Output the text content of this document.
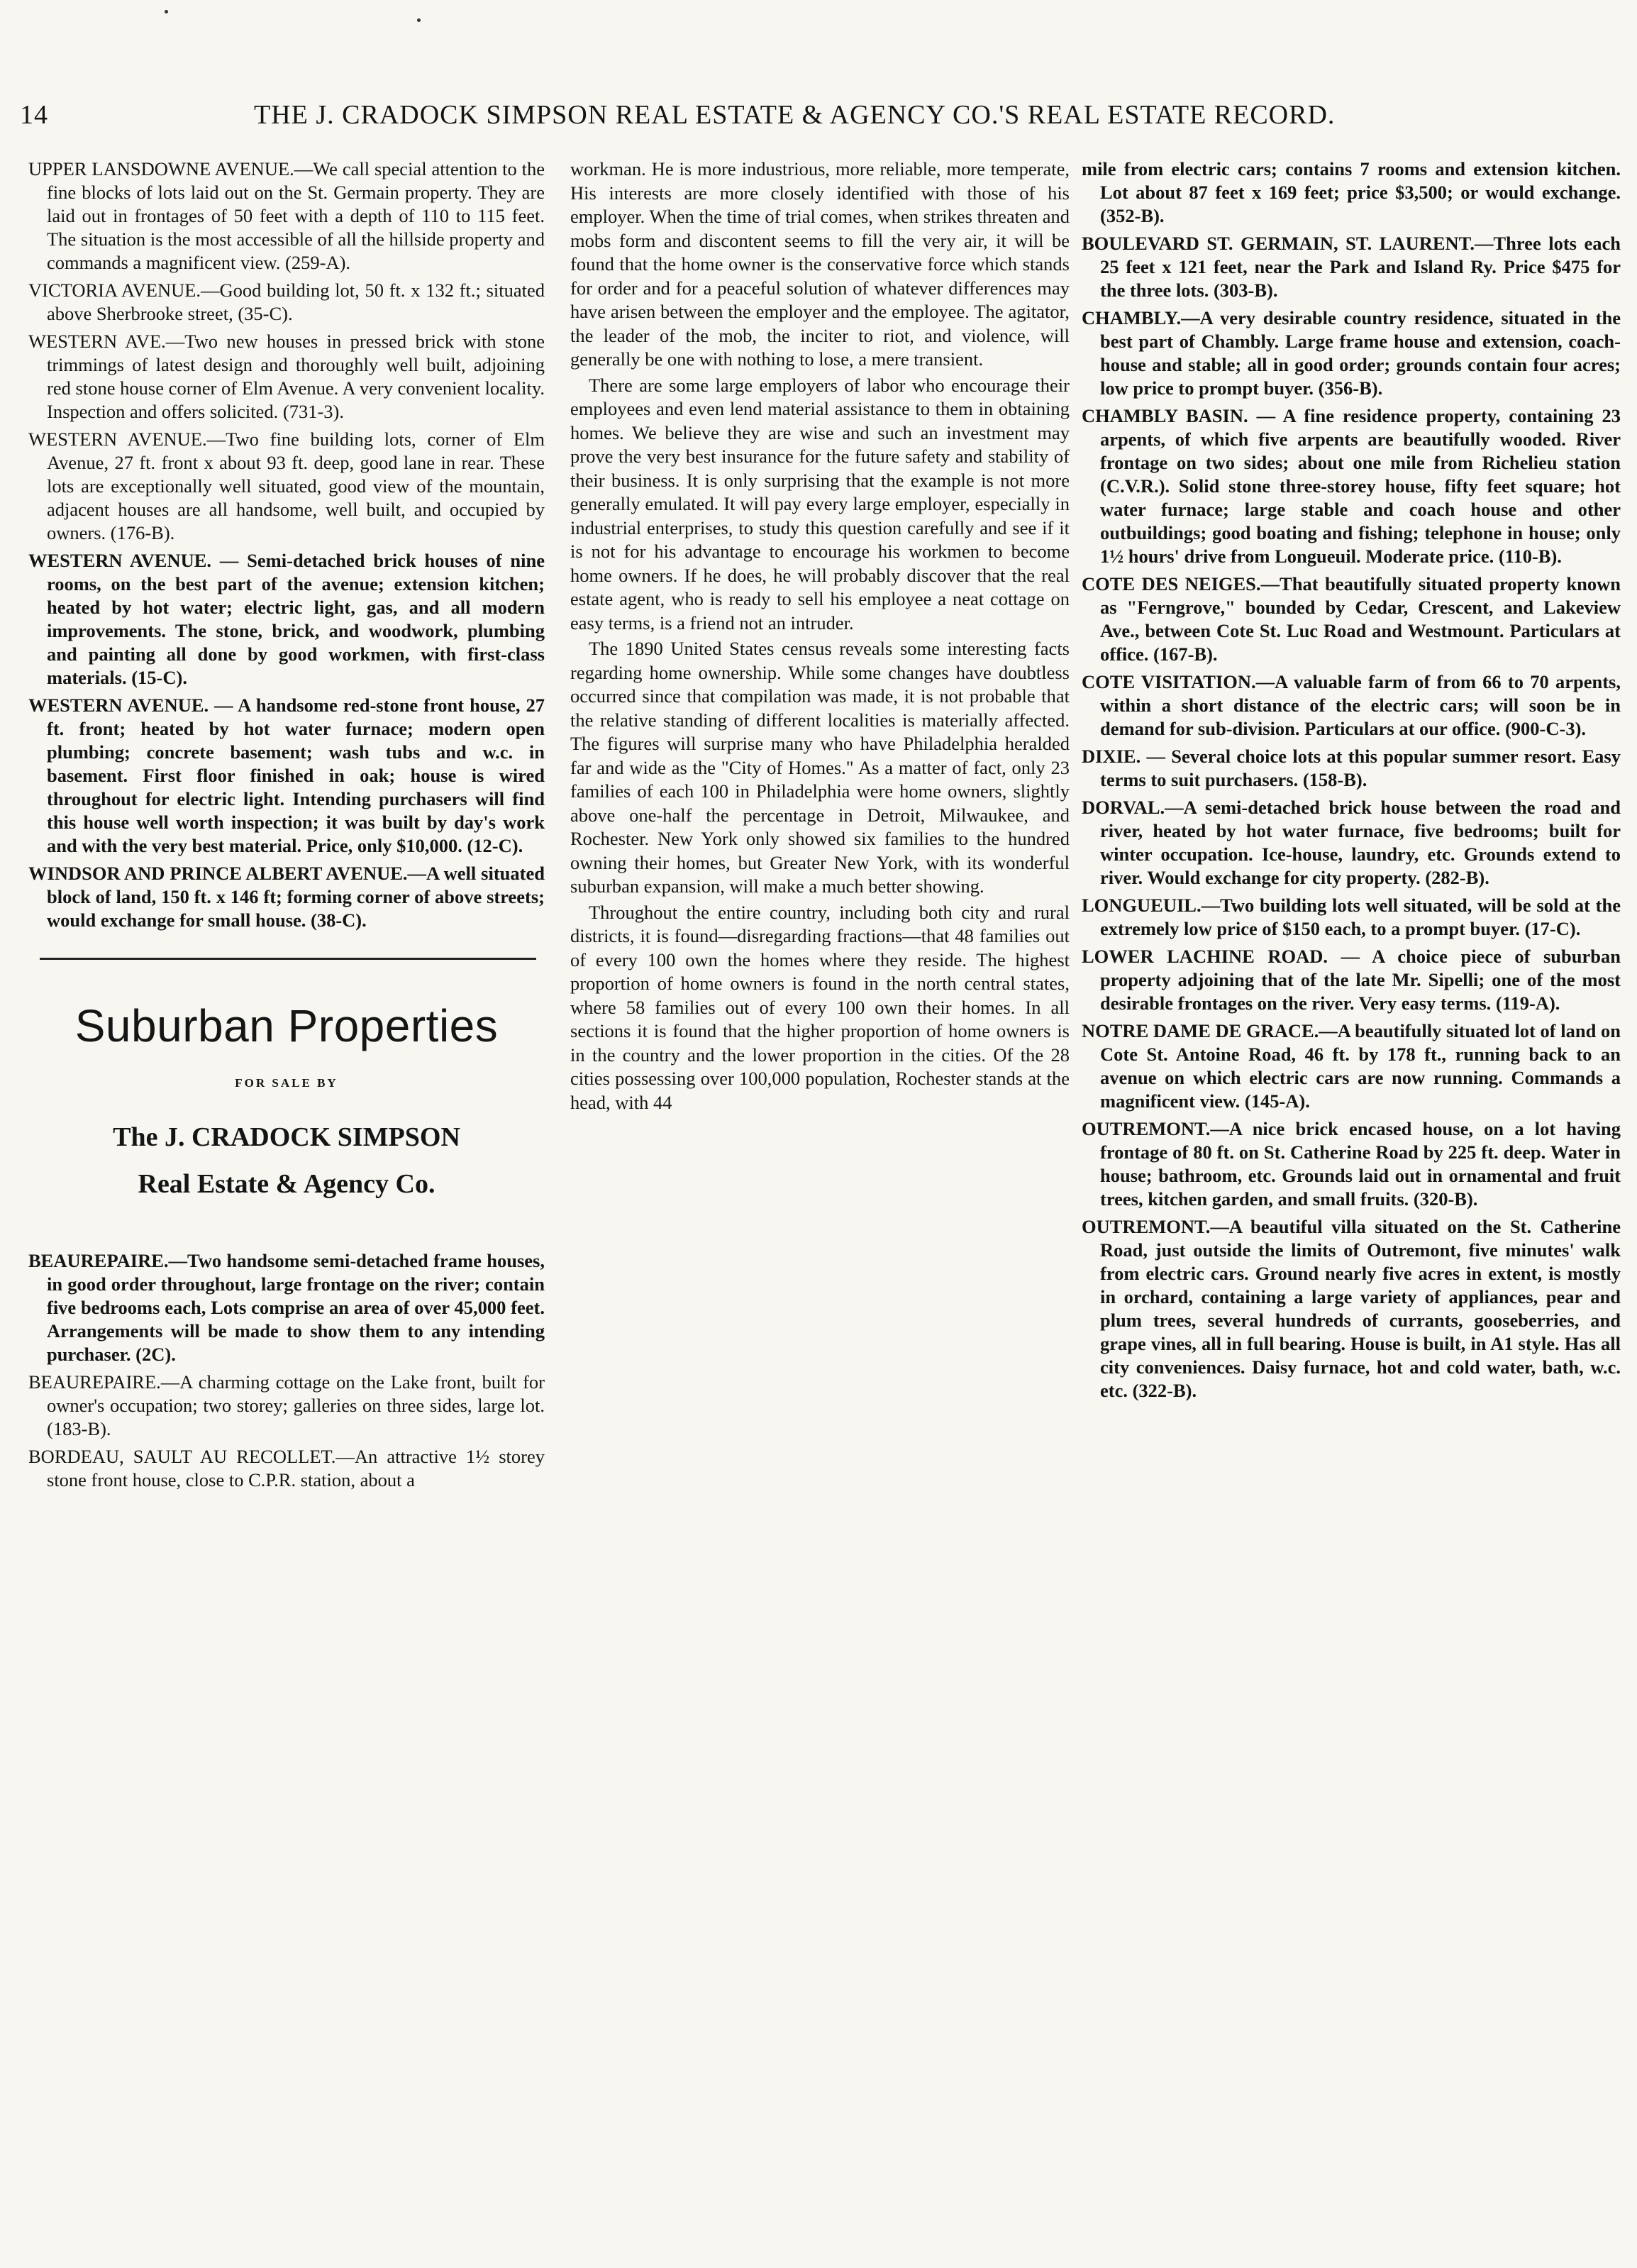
14	THE J. CRADOCK SIMPSON REAL ESTATE & AGENCY CO.'S REAL ESTATE RECORD.

UPPER LANSDOWNE AVENUE.—We call special attention to the fine blocks of lots laid out on the St. Germain property. They are laid out in frontages of 50 feet with a depth of 110 to 115 feet. The situation is the most accessible of all the hillside property and commands a magnificent view. (259-A).

VICTORIA AVENUE.—Good building lot, 50 ft. x 132 ft.; situated above Sherbrooke street, (35-C).

WESTERN AVE.—Two new houses in pressed brick with stone trimmings of latest design and thoroughly well built, adjoining red stone house corner of Elm Avenue. A very convenient locality. Inspection and offers solicited. (731-3).

WESTERN AVENUE.—Two fine building lots, corner of Elm Avenue, 27 ft. front x about 93 ft. deep, good lane in rear. These lots are exceptionally well situated, good view of the mountain, adjacent houses are all handsome, well built, and occupied by owners. (176-B).

WESTERN AVENUE. — Semi-detached brick houses of nine rooms, on the best part of the avenue; extension kitchen; heated by hot water; electric light, gas, and all modern improvements. The stone, brick, and woodwork, plumbing and painting all done by good workmen, with first-class materials. (15-C).

WESTERN AVENUE. — A handsome red-stone front house, 27 ft. front; heated by hot water furnace; modern open plumbing; concrete basement; wash tubs and w.c. in basement. First floor finished in oak; house is wired throughout for electric light. Intending purchasers will find this house well worth inspection; it was built by day's work and with the very best material. Price, only $10,000. (12-C).

WINDSOR AND PRINCE ALBERT AVENUE.—A well situated block of land, 150 ft. x 146 ft; forming corner of above streets; would exchange for small house. (38-C).

Suburban Properties
FOR SALE BY
The J. CRADOCK SIMPSON
Real Estate & Agency Co.

BEAUREPAIRE.—Two handsome semi-detached frame houses, in good order throughout, large frontage on the river; contain five bedrooms each, Lots comprise an area of over 45,000 feet. Arrangements will be made to show them to any intending purchaser. (2C).

BEAUREPAIRE.—A charming cottage on the Lake front, built for owner's occupation; two storey; galleries on three sides, large lot. (183-B).

BORDEAU, SAULT AU RECOLLET.—An attractive 1½ storey stone front house, close to C.P.R. station, about a

workman. He is more industrious, more reliable, more temperate, His interests are more closely identified with those of his employer. When the time of trial comes, when strikes threaten and mobs form and discontent seems to fill the very air, it will be found that the home owner is the conservative force which stands for order and for a peaceful solution of whatever differences may have arisen between the employer and the employee. The agitator, the leader of the mob, the inciter to riot, and violence, will generally be one with nothing to lose, a mere transient.

There are some large employers of labor who encourage their employees and even lend material assistance to them in obtaining homes. We believe they are wise and such an investment may prove the very best insurance for the future safety and stability of their business. It is only surprising that the example is not more generally emulated. It will pay every large employer, especially in industrial enterprises, to study this question carefully and see if it is not for his advantage to encourage his workmen to become home owners. If he does, he will probably discover that the real estate agent, who is ready to sell his employee a neat cottage on easy terms, is a friend not an intruder.

The 1890 United States census reveals some interesting facts regarding home ownership. While some changes have doubtless occurred since that compilation was made, it is not probable that the relative standing of different localities is materially affected. The figures will surprise many who have Philadelphia heralded far and wide as the "City of Homes." As a matter of fact, only 23 families of each 100 in Philadelphia were home owners, slightly above one-half the percentage in Detroit, Milwaukee, and Rochester. New York only showed six families to the hundred owning their homes, but Greater New York, with its wonderful suburban expansion, will make a much better showing.

Throughout the entire country, including both city and rural districts, it is found—disregarding fractions—that 48 families out of every 100 own the homes where they reside. The highest proportion of home owners is found in the north central states, where 58 families out of every 100 own their homes. In all sections it is found that the higher proportion of home owners is in the country and the lower proportion in the cities. Of the 28 cities possessing over 100,000 population, Rochester stands at the head, with 44

mile from electric cars; contains 7 rooms and extension kitchen. Lot about 87 feet x 169 feet; price $3,500; or would exchange. (352-B).

BOULEVARD ST. GERMAIN, ST. LAURENT.—Three lots each 25 feet x 121 feet, near the Park and Island Ry. Price $475 for the three lots. (303-B).

CHAMBLY.—A very desirable country residence, situated in the best part of Chambly. Large frame house and extension, coach-house and stable; all in good order; grounds contain four acres; low price to prompt buyer. (356-B).

CHAMBLY BASIN. — A fine residence property, containing 23 arpents, of which five arpents are beautifully wooded. River frontage on two sides; about one mile from Richelieu station (C.V.R.). Solid stone three-storey house, fifty feet square; hot water furnace; large stable and coach house and other outbuildings; good boating and fishing; telephone in house; only 1½ hours' drive from Longueuil. Moderate price. (110-B).

COTE DES NEIGES.—That beautifully situated property known as "Ferngrove," bounded by Cedar, Crescent, and Lakeview Ave., between Cote St. Luc Road and Westmount. Particulars at office. (167-B).

COTE VISITATION.—A valuable farm of from 66 to 70 arpents, within a short distance of the electric cars; will soon be in demand for sub-division. Particulars at our office. (900-C-3).

DIXIE. — Several choice lots at this popular summer resort. Easy terms to suit purchasers. (158-B).

DORVAL.—A semi-detached brick house between the road and river, heated by hot water furnace, five bedrooms; built for winter occupation. Ice-house, laundry, etc. Grounds extend to river. Would exchange for city property. (282-B).

LONGUEUIL.—Two building lots well situated, will be sold at the extremely low price of $150 each, to a prompt buyer. (17-C).

LOWER LACHINE ROAD. — A choice piece of suburban property adjoining that of the late Mr. Sipelli; one of the most desirable frontages on the river. Very easy terms. (119-A).

NOTRE DAME DE GRACE.—A beautifully situated lot of land on Cote St. Antoine Road, 46 ft. by 178 ft., running back to an avenue on which electric cars are now running. Commands a magnificent view. (145-A).

OUTREMONT.—A nice brick encased house, on a lot having frontage of 80 ft. on St. Catherine Road by 225 ft. deep. Water in house; bathroom, etc. Grounds laid out in ornamental and fruit trees, kitchen garden, and small fruits. (320-B).

OUTREMONT.—A beautiful villa situated on the St. Catherine Road, just outside the limits of Outremont, five minutes' walk from electric cars. Ground nearly five acres in extent, is mostly in orchard, containing a large variety of appliances, pear and plum trees, several hundreds of currants, gooseberries, and grape vines, all in full bearing. House is built, in A1 style. Has all city conveniences. Daisy furnace, hot and cold water, bath, w.c. etc. (322-B).
